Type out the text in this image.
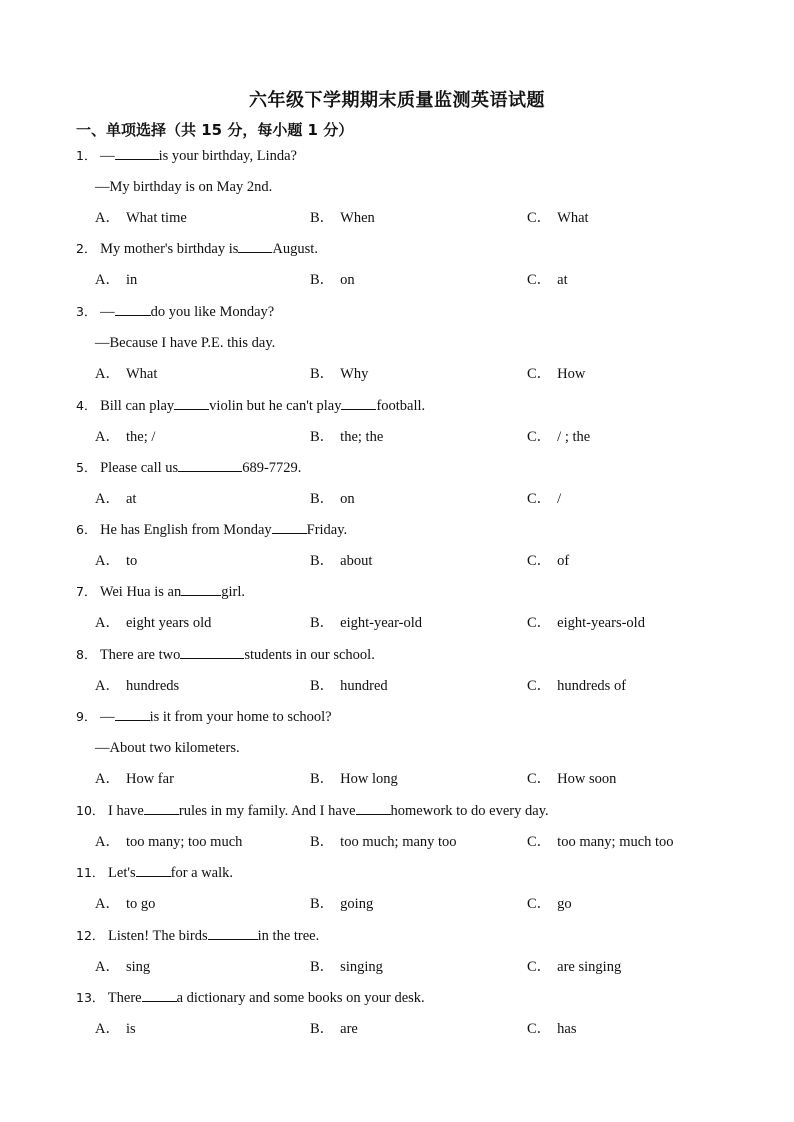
六年级下学期期末质量监测英语试题
一、单项选择（共 15 分，每小题 1 分）
1． —	is your birthday, Linda?
—My birthday is on May 2nd.
A． What time	B． When	C． What
2． My mother's birthday is August.
A． in	B． on	C． at
3． — do you like Monday?
—Because I have P.E. this day.
A． What	B． Why	C． How
4． Bill can play violin but he can't play football.
A． the; /	B． the; the	C． / ; the
5． Please call us	689-7729.
A． at	B． on	C． /
6． He has English from Monday Friday.
A． to	B． about	C． of
7． Wei Hua is an	girl.
A． eight years old	B． eight-year-old	C． eight-years-old
8． There are two	students in our school.
A． hundreds	B． hundred	C． hundreds of
9． — is it from your home to school?
—About two kilometers.
A． How far	B． How long	C． How soon
10． I have rules in my family. And I have homework to do every day.
A． too many; too much	B． too much; many too	C． too many; much too
11． Let's for a walk.
A． to go	B． going	C． go
12． Listen! The birds	in the tree.
A． sing	B． singing	C． are singing
13． There a dictionary and some books on your desk.
A． is	B． are	C． has
